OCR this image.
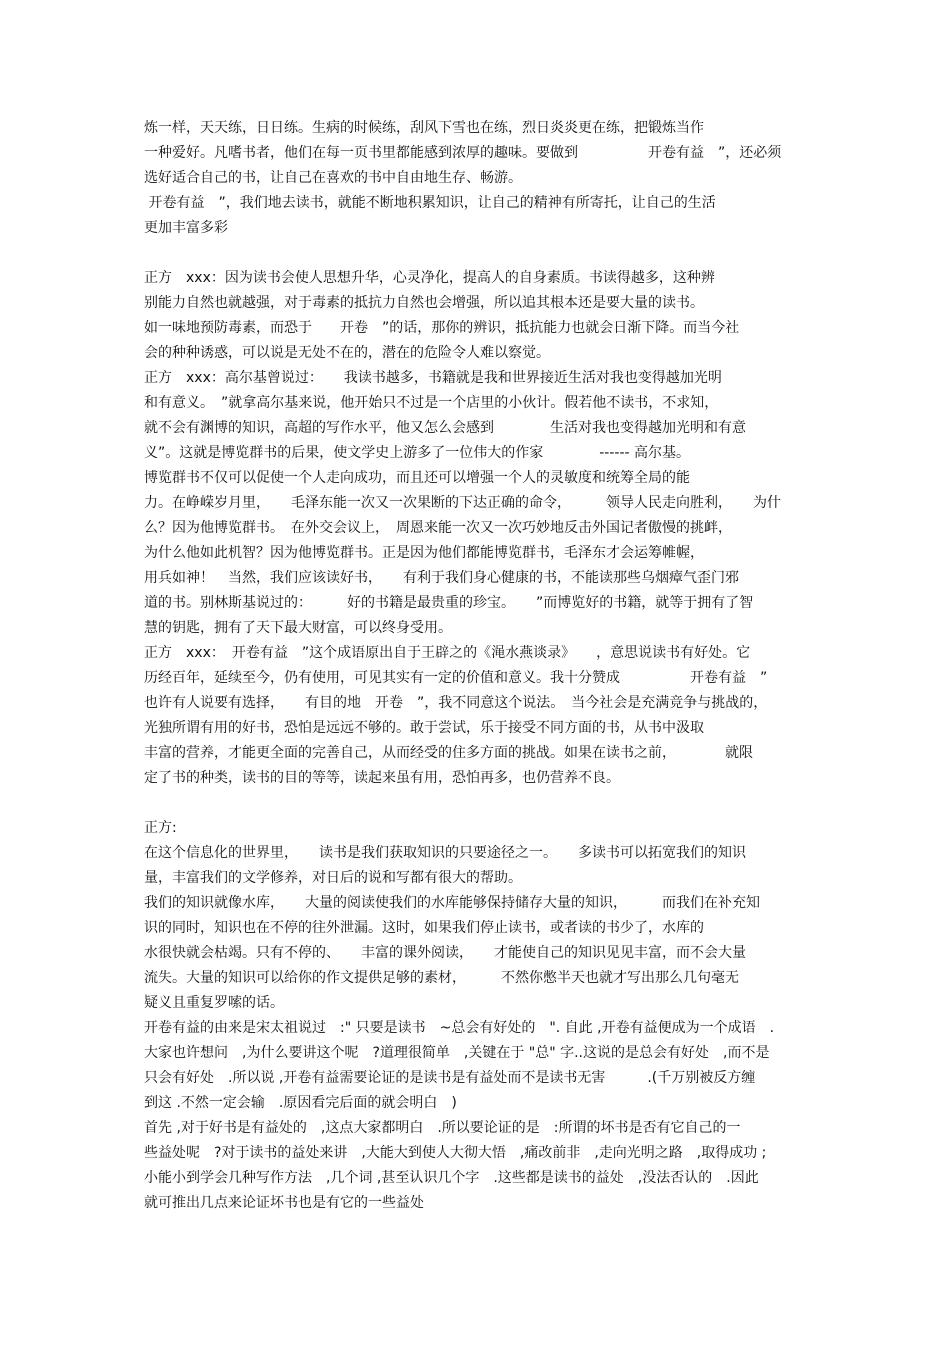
炼一样，天天练，日日练。生病的时候练，刮风下雪也在练，烈日炎炎更在练，把锻炼当作
一种爱好。凡嗜书者，他们在每一页书里都能感到浓厚的趣味。要做到　　　　　开卷有益　”，还必须
选好适合自己的书，让自己在喜欢的书中自由地生存、畅游。
开卷有益　”，我们地去读书，就能不断地积累知识，让自己的精神有所寄托，让自己的生活
更加丰富多彩
正方　xxx：因为读书会使人思想升华，心灵净化，提高人的自身素质。书读得越多，这种辨
别能力自然也就越强，对于毒素的抵抗力自然也会增强，所以追其根本还是要大量的读书。
如一味地预防毒素，而恐于　　开卷　”的话，那你的辨识，抵抗能力也就会日渐下降。而当今社
会的种种诱惑，可以说是无处不在的，潜在的危险令人难以察觉。
正方　xxx：高尔基曾说过：　　我读书越多，书籍就是我和世界接近生活对我也变得越加光明
和有意义。　”就拿高尔基来说，他开始只不过是一个店里的小伙计。假若他不读书，不求知，
就不会有渊博的知识，高超的写作水平，他又怎么会感到　　　　生活对我也变得越加光明和有意
义”。这就是博览群书的后果，使文学史上游多了一位伟大的作家　　　　------ 高尔基。
博览群书不仅可以促使一个人走向成功，而且还可以增强一个人的灵敏度和统筹全局的能
力。在峥嵘岁月里，　　毛泽东能一次又一次果断的下达正确的命令，　　　领导人民走向胜利，　　为什
么？因为他博览群书。　在外交会议上，　周恩来能一次又一次巧妙地反击外国记者傲慢的挑衅，
为什么他如此机智？因为他博览群书。正是因为他们都能博览群书，毛泽东才会运筹帷幄，
用兵如神！　当然，我们应该读好书，　　有利于我们身心健康的书，不能读那些乌烟瘴气歪门邪
道的书。别林斯基说过的：　　　好的书籍是最贵重的珍宝。　　”而博览好的书籍，就等于拥有了智
慧的钥匙，拥有了天下最大财富，可以终身受用。
正方　xxx：　开卷有益　”这个成语原出自于王辟之的《渑水燕谈录》　　，意思说读书有好处。它
历经百年，延续至今，仍有使用，可见其实有一定的价值和意义。我十分赞成　　　　　开卷有益　”
也许有人说要有选择，　　有目的地　开卷　”，我不同意这个说法。　当今社会是充满竞争与挑战的，
光独所谓有用的好书，恐怕是远远不够的。敢于尝试，乐于接受不同方面的书，从书中汲取
丰富的营养，才能更全面的完善自己，从而经受的住多方面的挑战。如果在读书之前，　　　　就限
定了书的种类，读书的目的等等，读起来虽有用，恐怕再多，也仍营养不良。
正方:
在这个信息化的世界里，　　读书是我们获取知识的只要途径之一。　　多读书可以拓宽我们的知识
量，丰富我们的文学修养，对日后的说和写都有很大的帮助。
我们的知识就像水库，　　大量的阅读使我们的水库能够保持储存大量的知识，　　　而我们在补充知
识的同时，知识也在不停的往外泄漏。这时，如果我们停止读书，或者读的书少了，水库的
水很快就会枯竭。只有不停的、　　丰富的课外阅读，　　才能使自己的知识见见丰富，而不会大量
流失。大量的知识可以给你的作文提供足够的素材，　　　不然你憋半天也就才写出那么几句毫无
疑义且重复罗嗦的话。
开卷有益的由来是宋太祖说过　:" 只要是读书　~总会有好处的　". 自此 ,开卷有益便成为一个成语　.
大家也许想问　,为什么要讲这个呢　?道理很简单　,关键在于 "总" 字..这说的是总会有好处　,而不是
只会有好处　.所以说 ,开卷有益需要论证的是读书是有益处而不是读书无害　　　.(千万别被反方缠
到这 .不然一定会输　.原因看完后面的就会明白　)
首先 ,对于好书是有益处的　,这点大家都明白　.所以要论证的是　:所谓的坏书是否有它自己的一
些益处呢　?对于读书的益处来讲　,大能大到使人大彻大悟　,痛改前非　,走向光明之路　,取得成功 ;
小能小到学会几种写作方法　,几个词 ,甚至认识几个字　.这些都是读书的益处　,没法否认的　.因此
就可推出几点来论证坏书也是有它的一些益处
